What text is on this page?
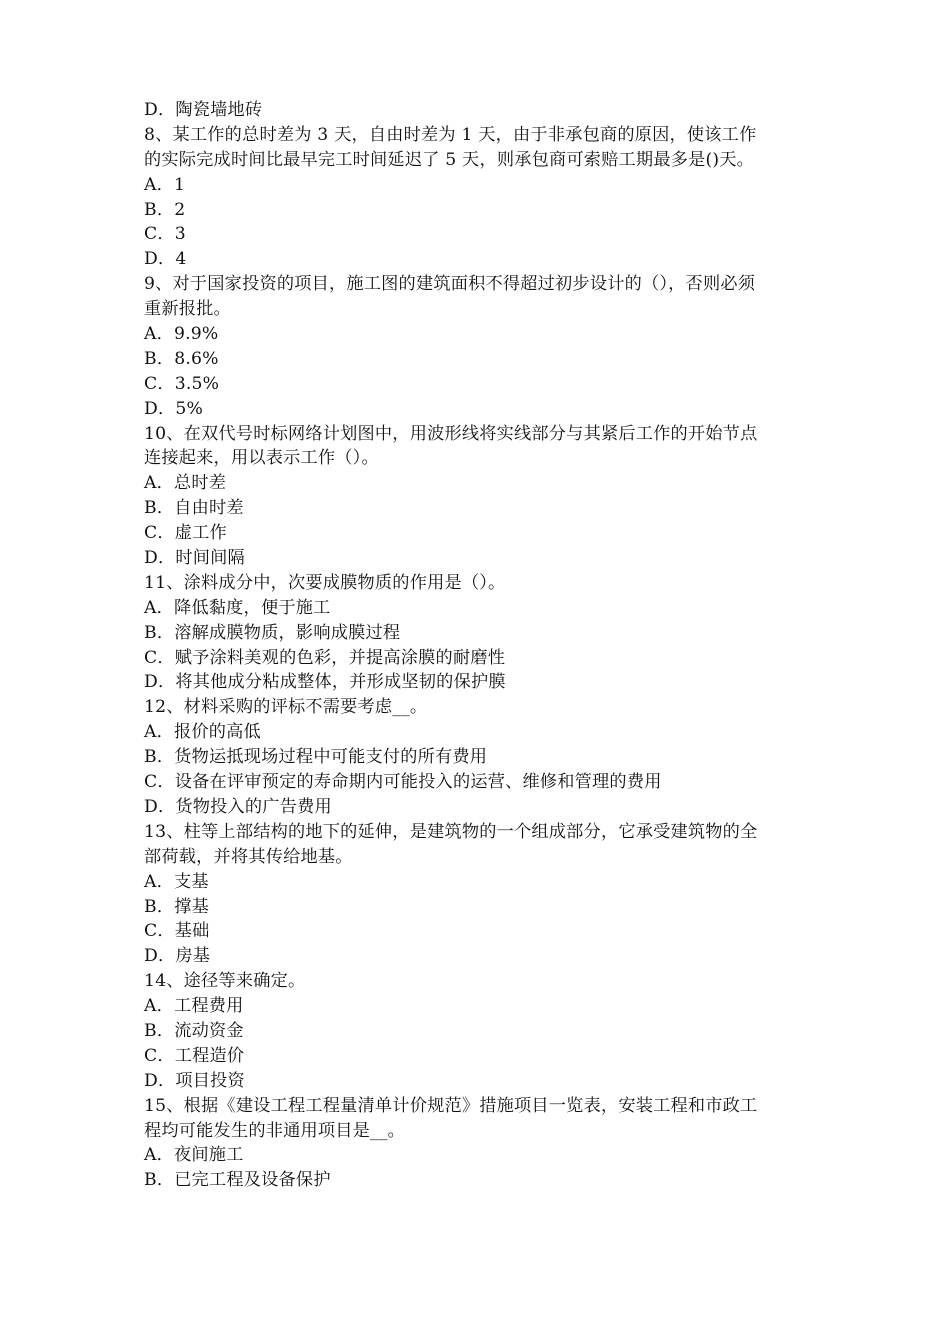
D．陶瓷墙地砖
8、某工作的总时差为 3 天，自由时差为 1 天，由于非承包商的原因，使该工作
的实际完成时间比最早完工时间延迟了 5 天，则承包商可索赔工期最多是()天。
A．1
B．2
C．3
D．4
9、对于国家投资的项目，施工图的建筑面积不得超过初步设计的（），否则必须
重新报批。
A．9.9%
B．8.6%
C．3.5%
D．5%
10、在双代号时标网络计划图中，用波形线将实线部分与其紧后工作的开始节点
连接起来，用以表示工作（）。
A．总时差
B．自由时差
C．虚工作
D．时间间隔
11、涂料成分中，次要成膜物质的作用是（）。
A．降低黏度，便于施工
B．溶解成膜物质，影响成膜过程
C．赋予涂料美观的色彩，并提高涂膜的耐磨性
D．将其他成分粘成整体，并形成坚韧的保护膜
12、材料采购的评标不需要考虑__。
A．报价的高低
B．货物运抵现场过程中可能支付的所有费用
C．设备在评审预定的寿命期内可能投入的运营、维修和管理的费用
D．货物投入的广告费用
13、柱等上部结构的地下的延伸，是建筑物的一个组成部分，它承受建筑物的全
部荷载，并将其传给地基。
A．支基
B．撑基
C．基础
D．房基
14、途径等来确定。
A．工程费用
B．流动资金
C．工程造价
D．项目投资
15、根据《建设工程工程量清单计价规范》措施项目一览表，安装工程和市政工
程均可能发生的非通用项目是__。
A．夜间施工
B．已完工程及设备保护
